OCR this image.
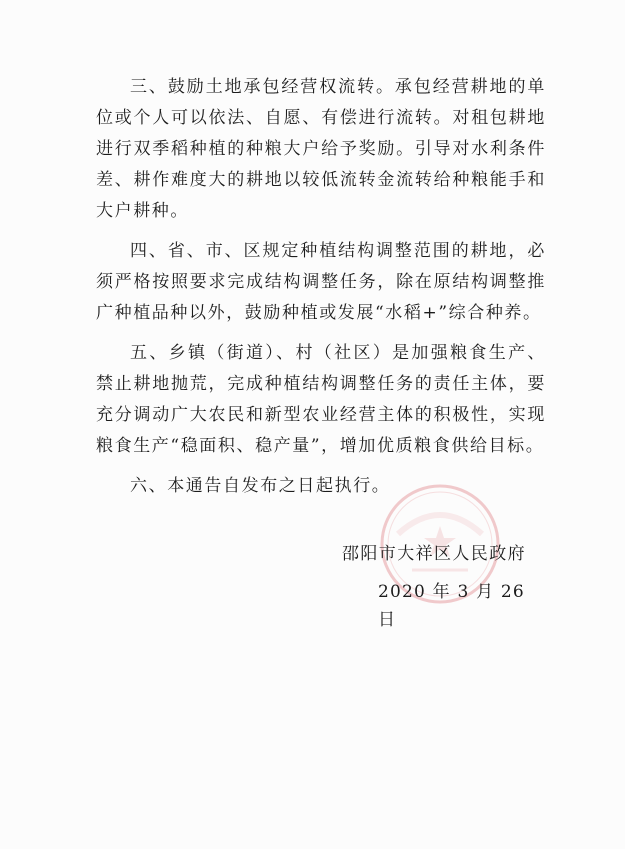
三、鼓励土地承包经营权流转。承包经营耕地的单位或个人可以依法、自愿、有偿进行流转。对租包耕地进行双季稻种植的种粮大户给予奖励。引导对水利条件差、耕作难度大的耕地以较低流转金流转给种粮能手和大户耕种。

四、省、市、区规定种植结构调整范围的耕地，必须严格按照要求完成结构调整任务，除在原结构调整推广种植品种以外，鼓励种植或发展“水稻+”综合种养。

五、乡镇（街道）、村（社区）是加强粮食生产、禁止耕地抛荒，完成种植结构调整任务的责任主体，要充分调动广大农民和新型农业经营主体的积极性，实现粮食生产“稳面积、稳产量”，增加优质粮食供给目标。

六、本通告自发布之日起执行。

邵阳市大祥区人民政府
2020 年 3 月 26 日
